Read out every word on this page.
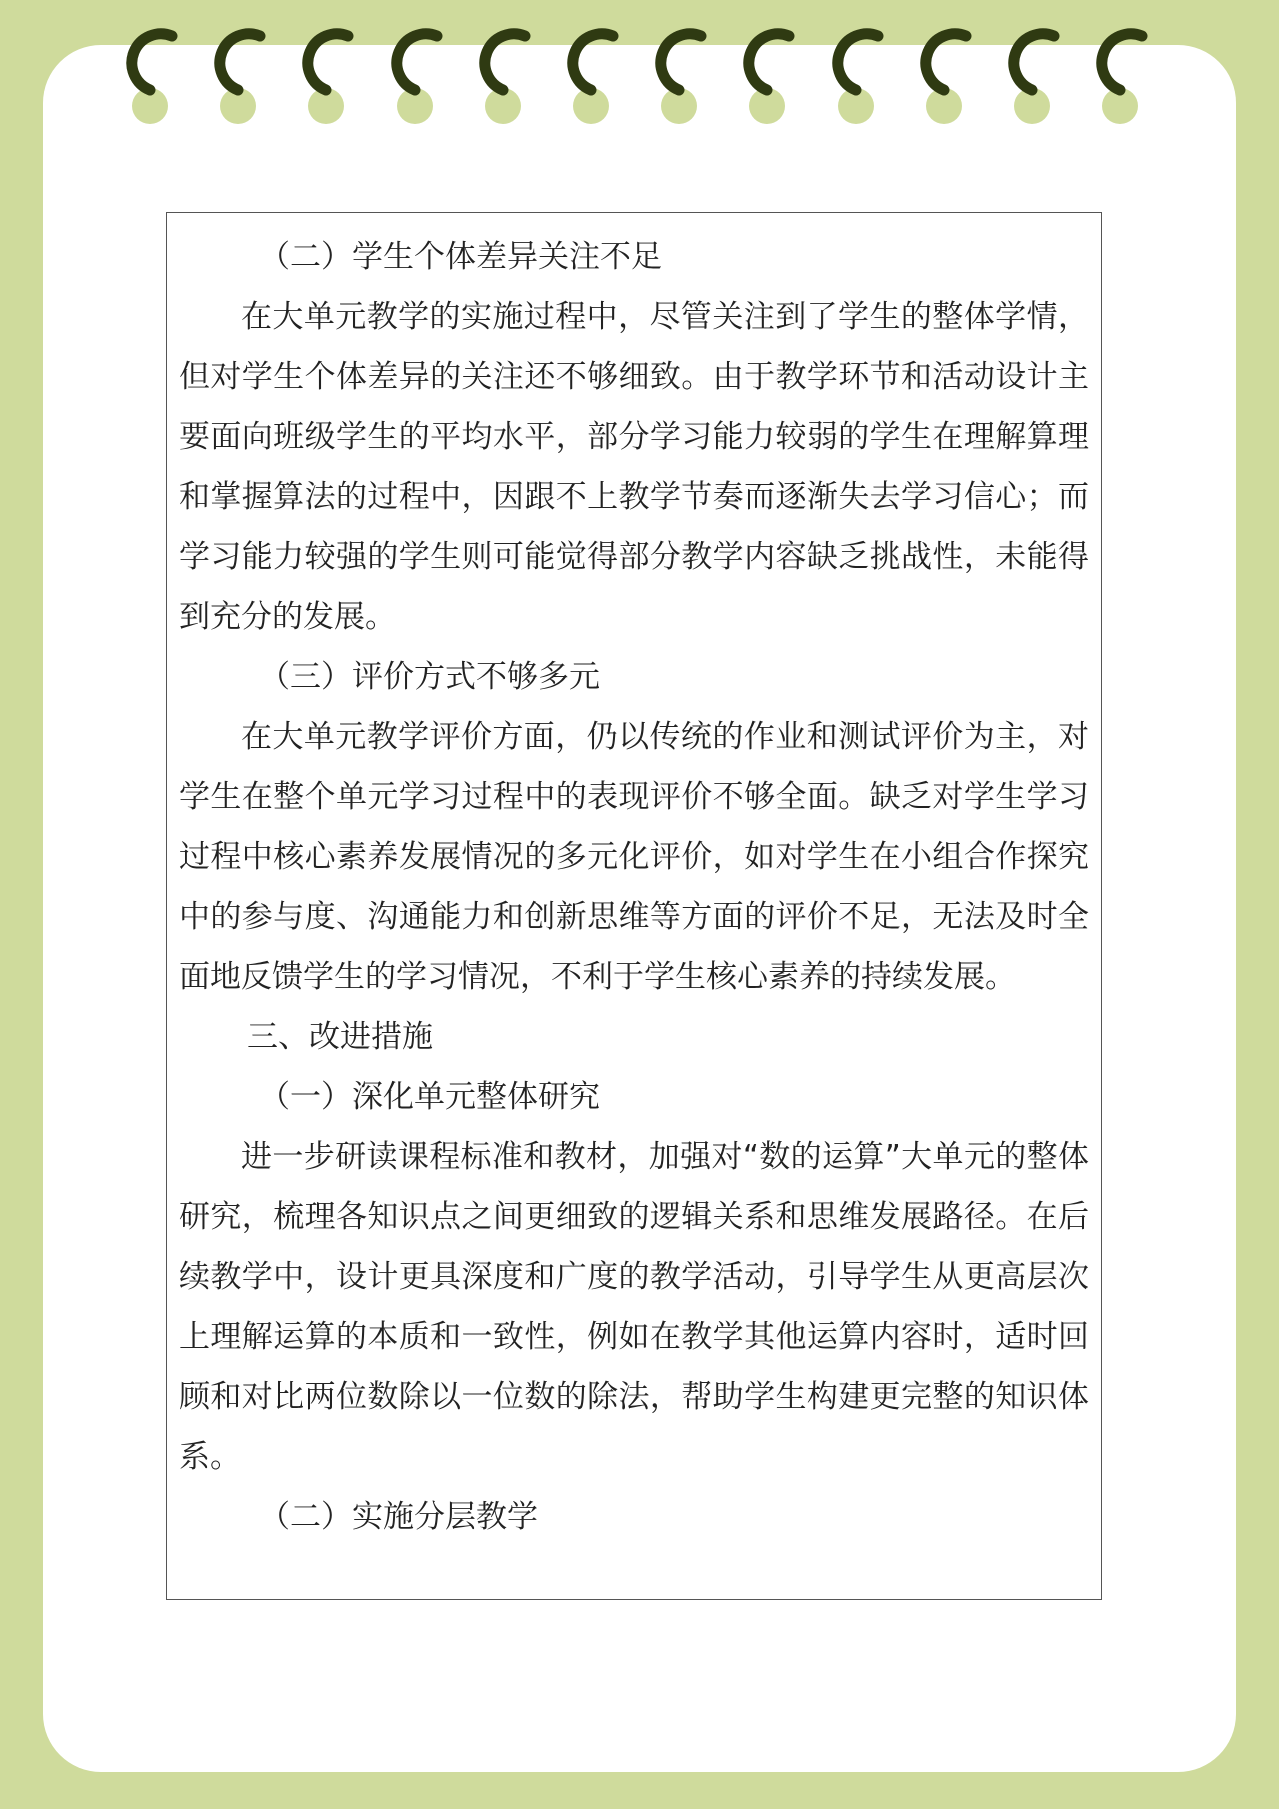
（二）学生个体差异关注不足

在大单元教学的实施过程中，尽管关注到了学生的整体学情，但对学生个体差异的关注还不够细致。由于教学环节和活动设计主要面向班级学生的平均水平，部分学习能力较弱的学生在理解算理和掌握算法的过程中，因跟不上教学节奏而逐渐失去学习信心；而学习能力较强的学生则可能觉得部分教学内容缺乏挑战性，未能得到充分的发展。

（三）评价方式不够多元

在大单元教学评价方面，仍以传统的作业和测试评价为主，对学生在整个单元学习过程中的表现评价不够全面。缺乏对学生学习过程中核心素养发展情况的多元化评价，如对学生在小组合作探究中的参与度、沟通能力和创新思维等方面的评价不足，无法及时全面地反馈学生的学习情况，不利于学生核心素养的持续发展。

三、改进措施
（一）深化单元整体研究

进一步研读课程标准和教材，加强对“数的运算”大单元的整体研究，梳理各知识点之间更细致的逻辑关系和思维发展路径。在后续教学中，设计更具深度和广度的教学活动，引导学生从更高层次上理解运算的本质和一致性，例如在教学其他运算内容时，适时回顾和对比两位数除以一位数的除法，帮助学生构建更完整的知识体系。

（二）实施分层教学
